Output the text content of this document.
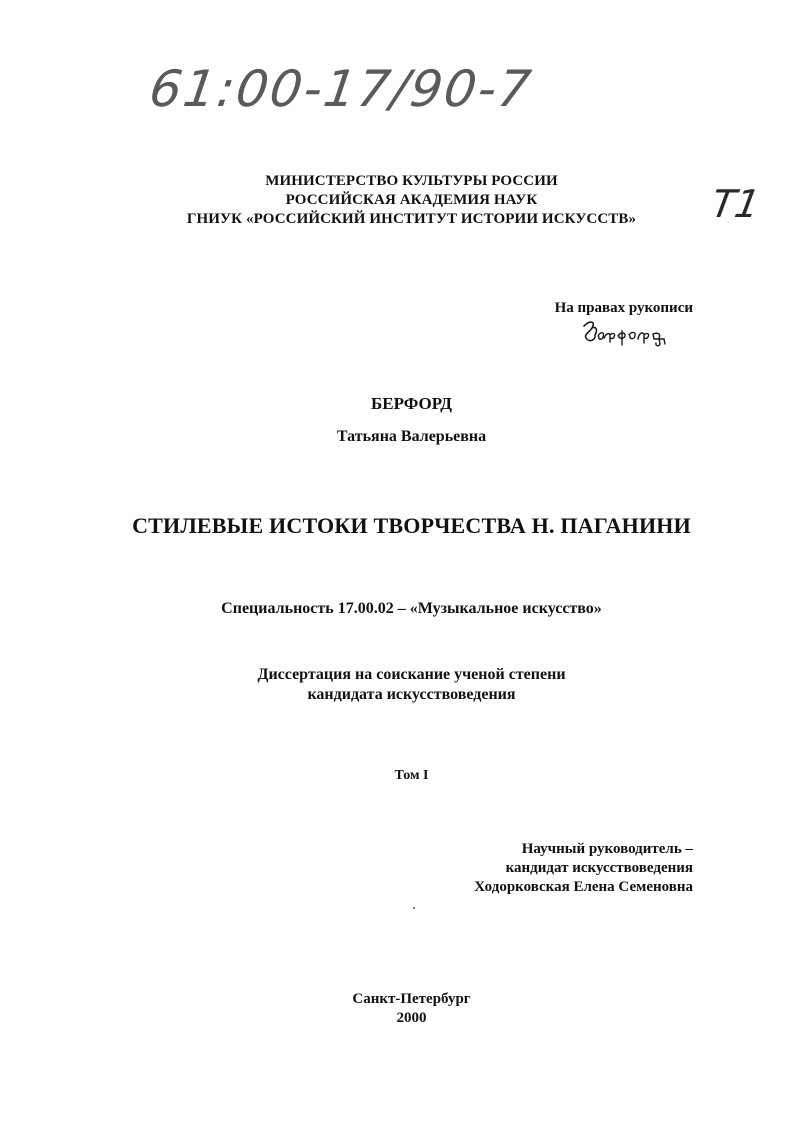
61:00-17/90-7
T1
МИНИСТЕРСТВО КУЛЬТУРЫ РОССИИ
РОССИЙСКАЯ АКАДЕМИЯ НАУК
ГНИУК «РОССИЙСКИЙ ИНСТИТУТ ИСТОРИИ ИСКУССТВ»
На правах рукописи
БЕРФОРД
Татьяна Валерьевна
СТИЛЕВЫЕ ИСТОКИ ТВОРЧЕСТВА Н. ПАГАНИНИ
Специальность 17.00.02 – «Музыкальное искусство»
Диссертация на соискание ученой степени
кандидата искусствоведения
Том I
Научный руководитель –
кандидат искусствоведения
Ходорковская Елена Семеновна
Санкт-Петербург
2000
